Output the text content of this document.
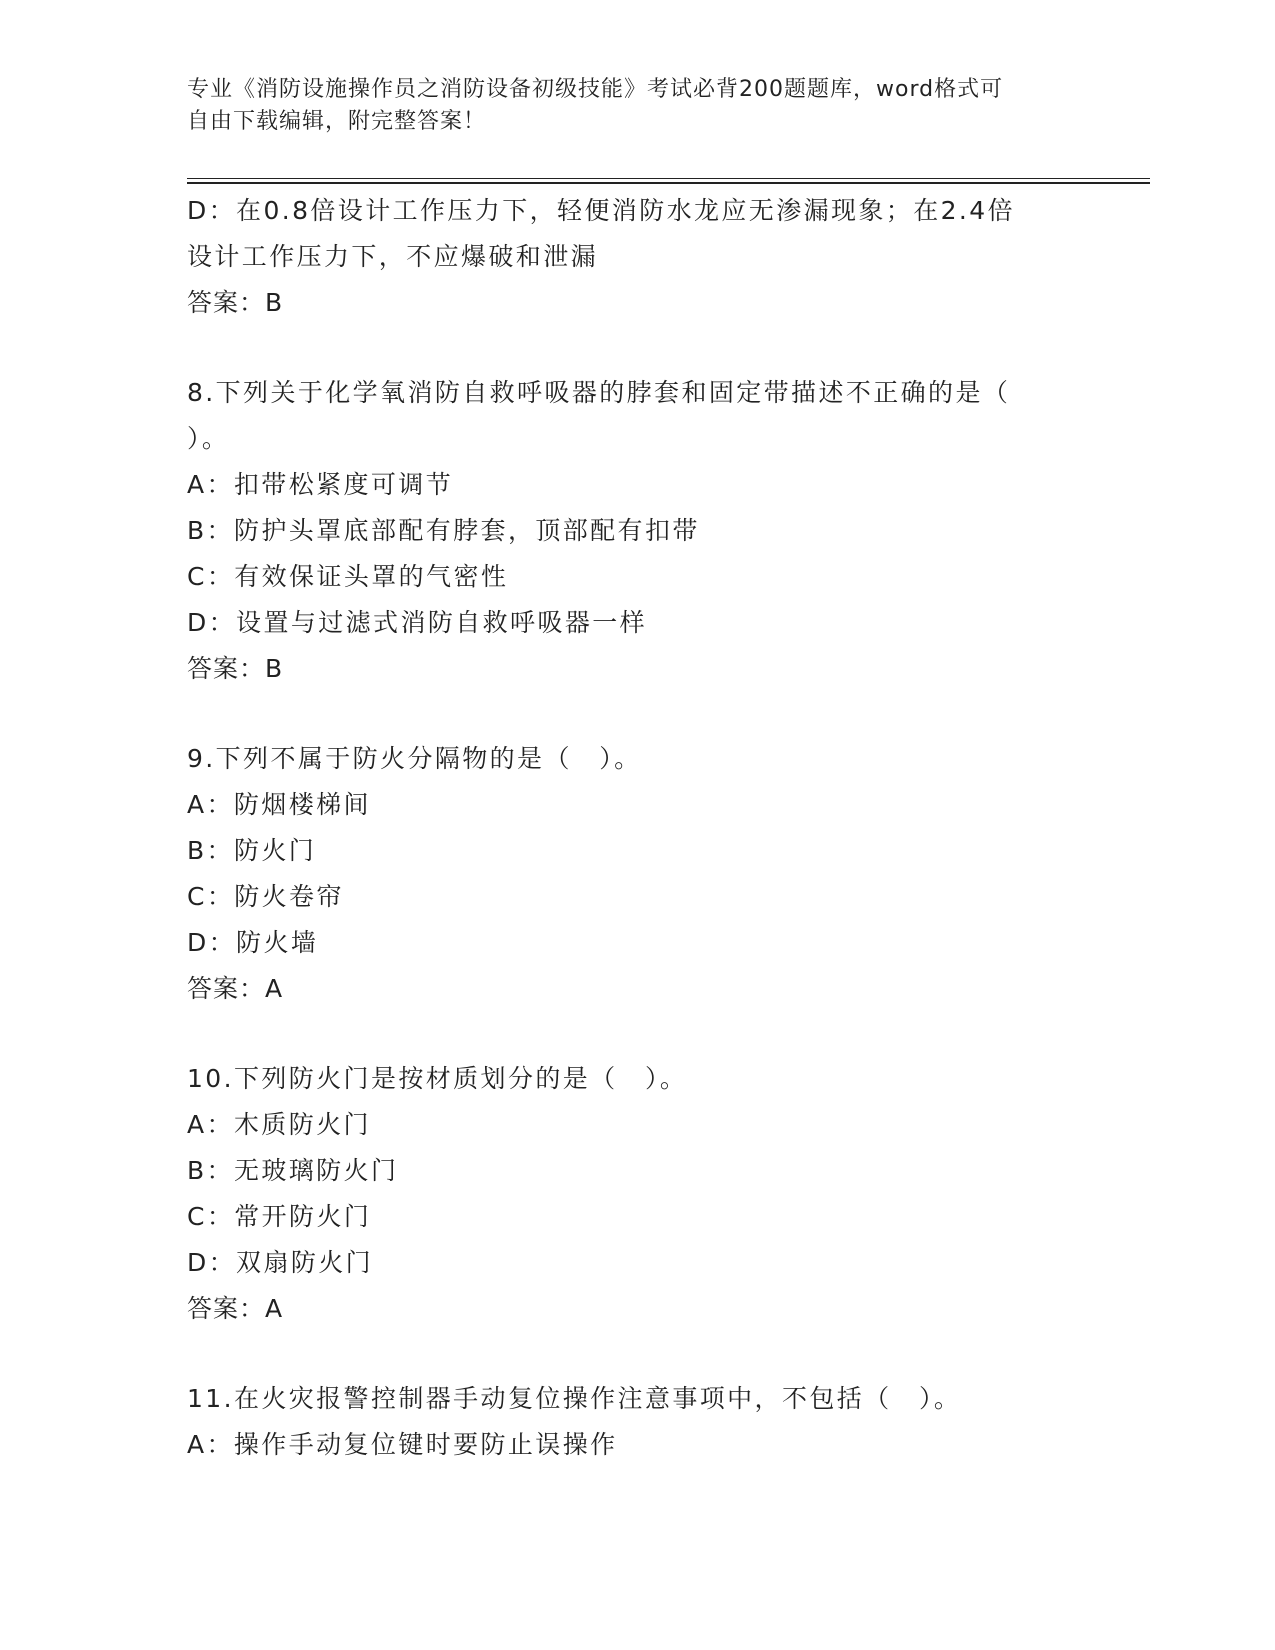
专业《消防设施操作员之消防设备初级技能》考试必背200题题库，word格式可
自由下载编辑，附完整答案！
D：在0.8倍设计工作压力下，轻便消防水龙应无渗漏现象；在2.4倍
设计工作压力下，不应爆破和泄漏
答案：B
8.下列关于化学氧消防自救呼吸器的脖套和固定带描述不正确的是（
）。
A：扣带松紧度可调节
B：防护头罩底部配有脖套，顶部配有扣带
C：有效保证头罩的气密性
D：设置与过滤式消防自救呼吸器一样
答案：B
9.下列不属于防火分隔物的是（　）。
A：防烟楼梯间
B：防火门
C：防火卷帘
D：防火墙
答案：A
10.下列防火门是按材质划分的是（　）。
A：木质防火门
B：无玻璃防火门
C：常开防火门
D：双扇防火门
答案：A
11.在火灾报警控制器手动复位操作注意事项中，不包括（　）。
A：操作手动复位键时要防止误操作
